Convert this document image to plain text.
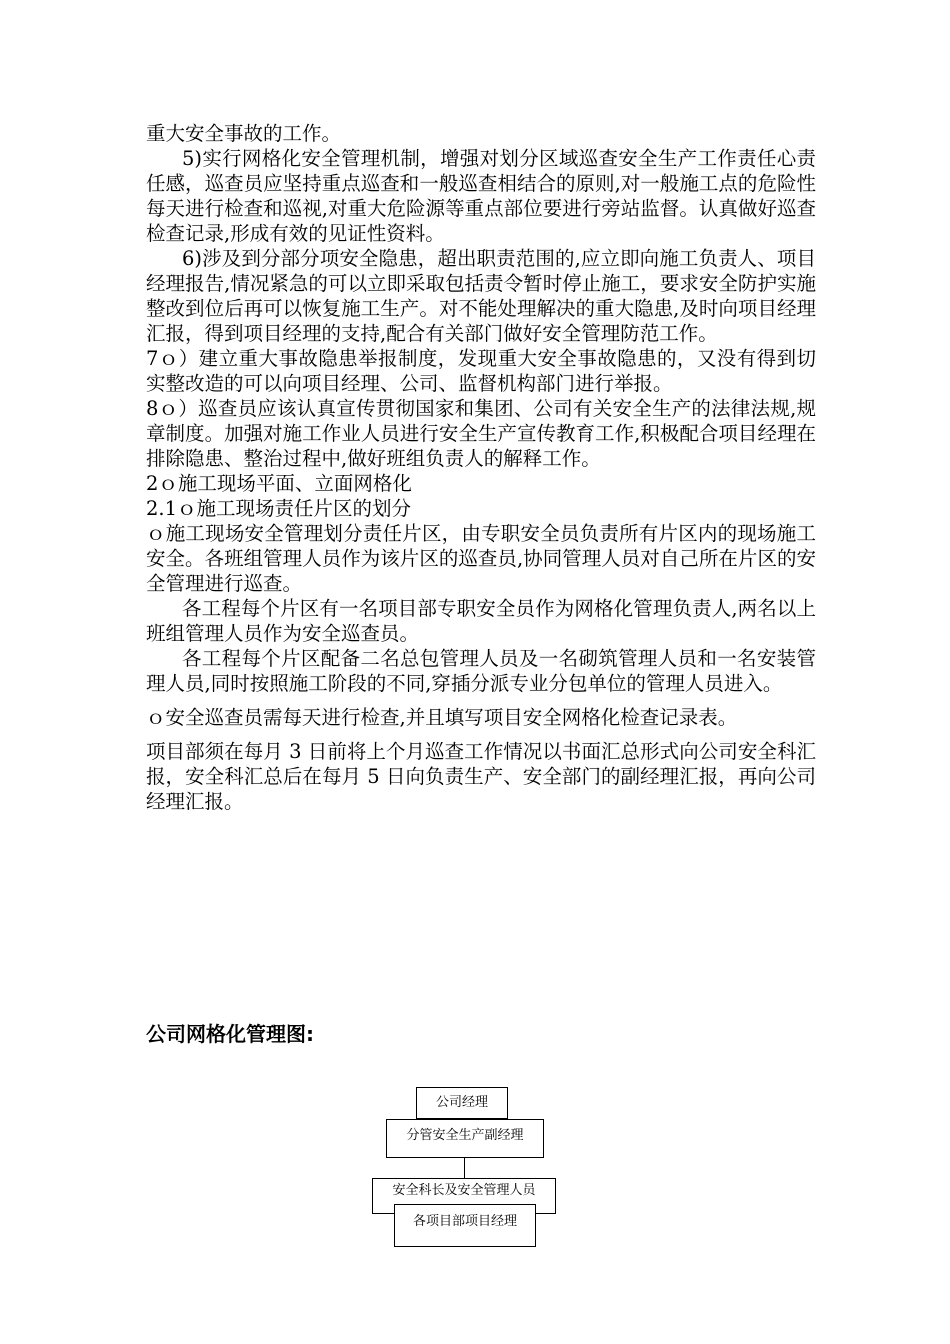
重大安全事故的工作。

5)实行网格化安全管理机制，增强对划分区域巡查安全生产工作责任心责任感，巡查员应坚持重点巡查和一般巡查相结合的原则,对一般施工点的危险性每天进行检查和巡视,对重大危险源等重点部位要进行旁站监督。认真做好巡查检查记录,形成有效的见证性资料。

6)涉及到分部分项安全隐患，超出职责范围的,应立即向施工负责人、项目经理报告,情况紧急的可以立即采取包括责令暂时停止施工，要求安全防护实施整改到位后再可以恢复施工生产。对不能处理解决的重大隐患,及时向项目经理汇报，得到项目经理的支持,配合有关部门做好安全管理防范工作。

7ｏ）建立重大事故隐患举报制度，发现重大安全事故隐患的，又没有得到切实整改造的可以向项目经理、公司、监督机构部门进行举报。

8ｏ）巡查员应该认真宣传贯彻国家和集团、公司有关安全生产的法律法规,规章制度。加强对施工作业人员进行安全生产宣传教育工作,积极配合项目经理在排除隐患、整治过程中,做好班组负责人的解释工作。

2ｏ施工现场平面、立面网格化

2.1ｏ施工现场责任片区的划分

ｏ施工现场安全管理划分责任片区，由专职安全员负责所有片区内的现场施工安全。各班组管理人员作为该片区的巡查员,协同管理人员对自己所在片区的安全管理进行巡查。

各工程每个片区有一名项目部专职安全员作为网格化管理负责人,两名以上班组管理人员作为安全巡查员。

各工程每个片区配备二名总包管理人员及一名砌筑管理人员和一名安装管理人员,同时按照施工阶段的不同,穿插分派专业分包单位的管理人员进入。

ｏ安全巡查员需每天进行检查,并且填写项目安全网格化检查记录表。

项目部须在每月 3 日前将上个月巡查工作情况以书面汇总形式向公司安全科汇报，安全科汇总后在每月 5 日向负责生产、安全部门的副经理汇报，再向公司经理汇报。

公司网格化管理图:
公司经理
分管安全生产副经理
安全科长及安全管理人员
各项目部项目经理
